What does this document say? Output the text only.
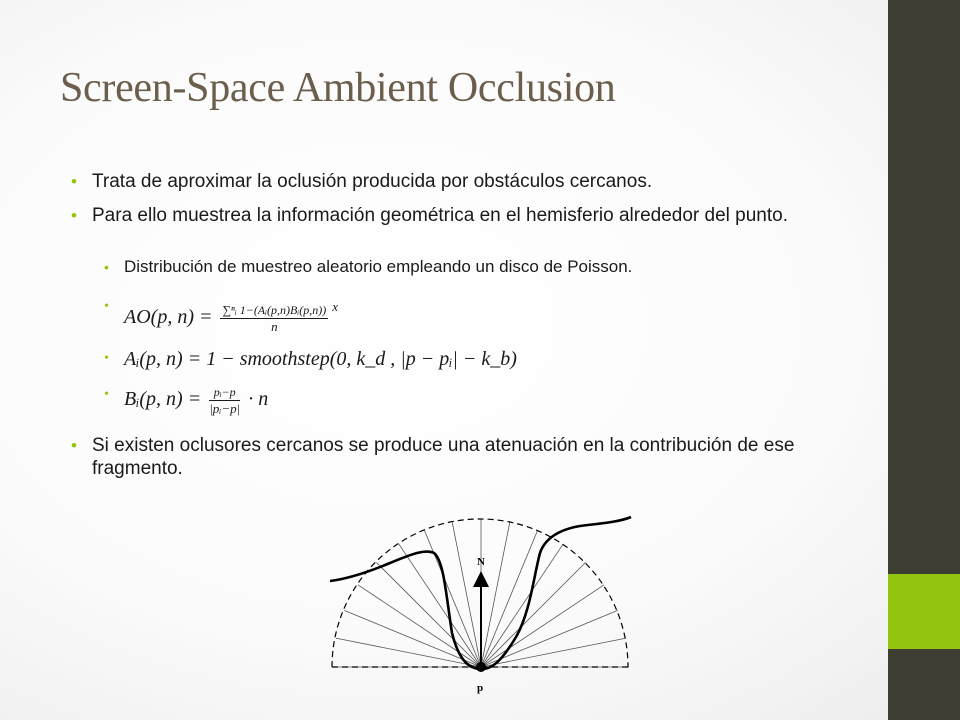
Screen-Space Ambient Occlusion
• Trata de aproximar la oclusión producida por obstáculos cercanos.
• Para ello muestrea la información geométrica en el hemisferio alrededor del punto.
• Distribución de muestreo aleatorio empleando un disco de Poisson.
• AO(p, $n) = \frac{\text{∑ⁿᵢ 1−(Aᵢ(p,n)Bᵢ(p,n))}}{n} ^x$
• Aᵢ(p, n) = 1 − smoothstep(0, k_d , |p − pᵢ| − k_b)
• Bᵢ(p, $n) = \frac{\text{pᵢ−p}}{\text{|pᵢ−p|}} \cdot n$
• Si existen oclusores cercanos se produce una atenuación en la contribución de ese fragmento.
N
p
